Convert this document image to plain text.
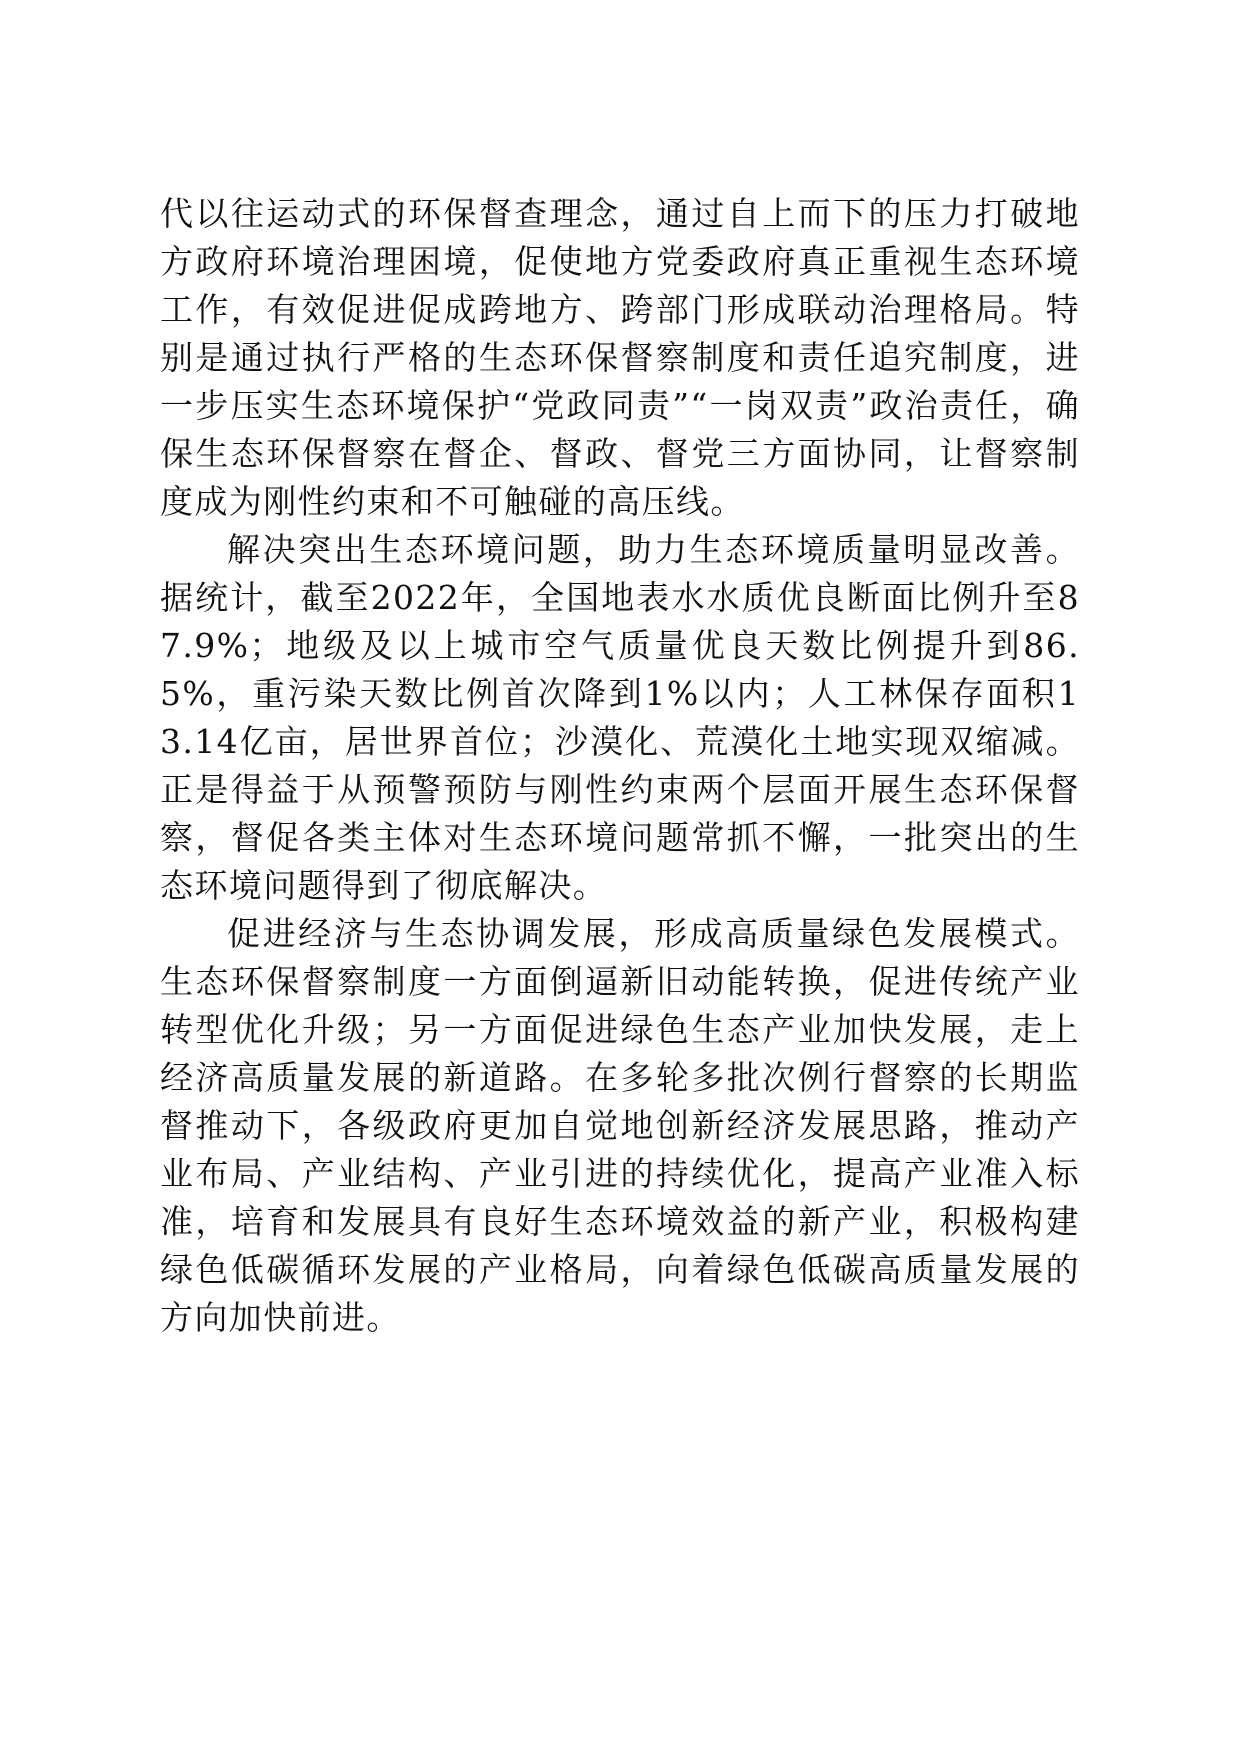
代以往运动式的环保督查理念，通过自上而下的压力打破地方政府环境治理困境，促使地方党委政府真正重视生态环境工作，有效促进促成跨地方、跨部门形成联动治理格局。特别是通过执行严格的生态环保督察制度和责任追究制度，进一步压实生态环境保护“党政同责”“一岗双责”政治责任，确保生态环保督察在督企、督政、督党三方面协同，让督察制度成为刚性约束和不可触碰的高压线。

解决突出生态环境问题，助力生态环境质量明显改善。据统计，截至2022年，全国地表水水质优良断面比例升至87.9%；地级及以上城市空气质量优良天数比例提升到86.5%，重污染天数比例首次降到1%以内；人工林保存面积13.14亿亩，居世界首位；沙漠化、荒漠化土地实现双缩减。正是得益于从预警预防与刚性约束两个层面开展生态环保督察，督促各类主体对生态环境问题常抓不懈，一批突出的生态环境问题得到了彻底解决。

促进经济与生态协调发展，形成高质量绿色发展模式。生态环保督察制度一方面倒逼新旧动能转换，促进传统产业转型优化升级；另一方面促进绿色生态产业加快发展，走上经济高质量发展的新道路。在多轮多批次例行督察的长期监督推动下，各级政府更加自觉地创新经济发展思路，推动产业布局、产业结构、产业引进的持续优化，提高产业准入标准，培育和发展具有良好生态环境效益的新产业，积极构建绿色低碳循环发展的产业格局，向着绿色低碳高质量发展的方向加快前进。
